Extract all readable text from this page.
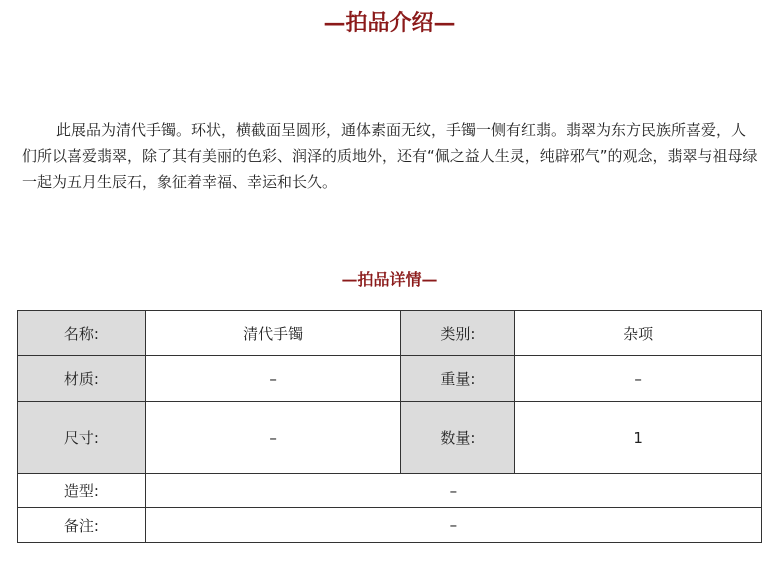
—拍品介绍—

此展品为清代手镯。环状，横截面呈圆形，通体素面无纹，手镯一侧有红翡。翡翠为东方民族所喜爱，人们所以喜爱翡翠，除了其有美丽的色彩、润泽的质地外，还有“佩之益人生灵，纯辟邪气”的观念，翡翠与祖母绿一起为五月生辰石，象征着幸福、幸运和长久。

—拍品详情—
名称:	清代手镯	类别:	杂项
材质:	–	重量:	–
尺寸:	–	数量:	1
造型:	–		
备注:	–		
